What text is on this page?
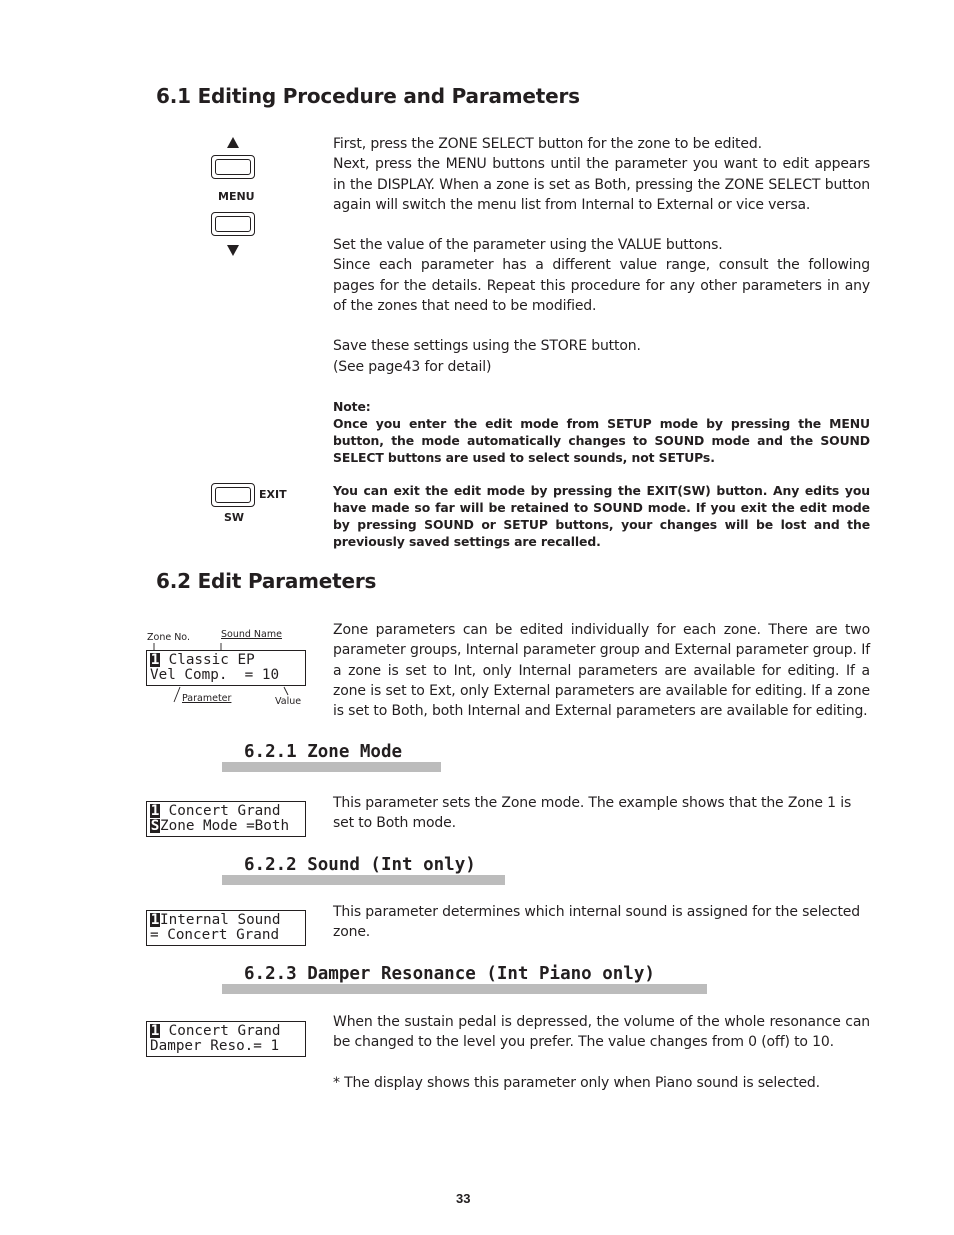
6.1 Editing Procedure and Parameters
MENU

First, press the ZONE SELECT button for the zone to be edited.

Next, press the MENU buttons until the parameter you want to edit appears in the DISPLAY. When a zone is set as Both, pressing the ZONE SELECT button again will switch the menu list from Internal to External or vice versa.

Set the value of the parameter using the VALUE buttons.

Since each parameter has a different value range, consult the following pages for the details. Repeat this procedure for any other parameters in any of the zones that need to be modified.

Save these settings using the STORE button.

(See page43 for detail)

Note:

Once you enter the edit mode from SETUP mode by pressing the MENU button, the mode automatically changes to SOUND mode and the SOUND SELECT buttons are used to select sounds, not SETUPs.

EXIT
SW
You can exit the edit mode by pressing the EXIT(SW) button. Any edits you have made so far will be retained to SOUND mode. If you exit the edit mode by pressing SOUND or SETUP buttons, your changes will be lost and the previously saved settings are recalled.
6.2 Edit Parameters
Zone No.	Sound Name
1 Classic EP
Vel Comp.  = 10
Parameter	Value
Zone parameters can be edited individually for each zone. There are two parameter groups, Internal parameter group and External parameter group. If a zone is set to Int, only Internal parameters are available for editing. If a zone is set to Ext, only External parameters are available for editing. If a zone is set to Both, both Internal and External parameters are available for editing.
6.2.1 Zone Mode
1 Concert Grand
SZone Mode =Both
This parameter sets the Zone mode. The example shows that the Zone 1 is set to Both mode.
6.2.2 Sound (Int only)
1Internal Sound
= Concert Grand
This parameter determines which internal sound is assigned for the selected zone.
6.2.3 Damper Resonance (Int Piano only)
1 Concert Grand
Damper Reso.= 1

When the sustain pedal is depressed, the volume of the whole resonance can be changed to the level you prefer. The value changes from 0 (off) to 10.

* The display shows this parameter only when Piano sound is selected.

33
